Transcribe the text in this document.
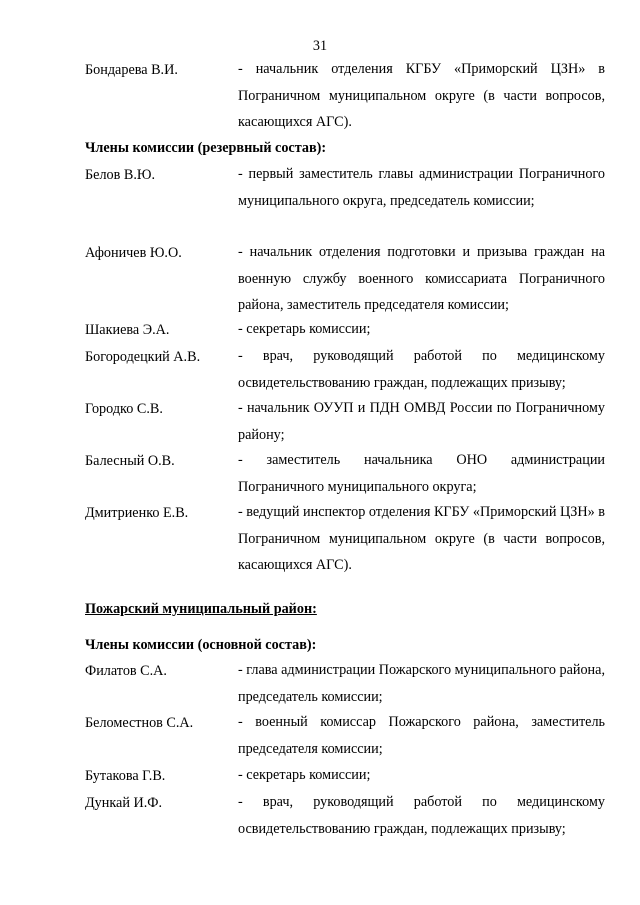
31
Бондарева В.И.	- начальник отделения КГБУ «Приморский ЦЗН» в Пограничном муниципальном округе (в части вопросов, касающихся АГС).

Члены комиссии (резервный состав):
Белов В.Ю.	- первый заместитель главы администрации Пограничного муниципального округа, председатель комиссии;

Афоничев Ю.О.	- начальник отделения подготовки и призыва граждан на военную службу военного комиссариата Пограничного района, заместитель председателя комиссии;

Шакиева Э.А.	- секретарь комиссии;

Богородецкий А.В.	- врач, руководящий работой по медицинскому освидетельствованию граждан, подлежащих призыву;

Городко С.В.	- начальник ОУУП и ПДН ОМВД России по Пограничному району;

Балесный О.В.	- заместитель начальника ОНО администрации Пограничного муниципального округа;

Дмитриенко Е.В.	- ведущий инспектор отделения КГБУ «Приморский ЦЗН» в Пограничном муниципальном округе (в части вопросов, касающихся АГС).

Пожарский муниципальный район:
Члены комиссии (основной состав):
Филатов С.А.	- глава администрации Пожарского муниципального района, председатель комиссии;

Беломестнов С.А.	- военный комиссар Пожарского района, заместитель председателя комиссии;

Бутакова Г.В.	- секретарь комиссии;

Дункай И.Ф.	- врач, руководящий работой по медицинскому освидетельствованию граждан, подлежащих призыву;
